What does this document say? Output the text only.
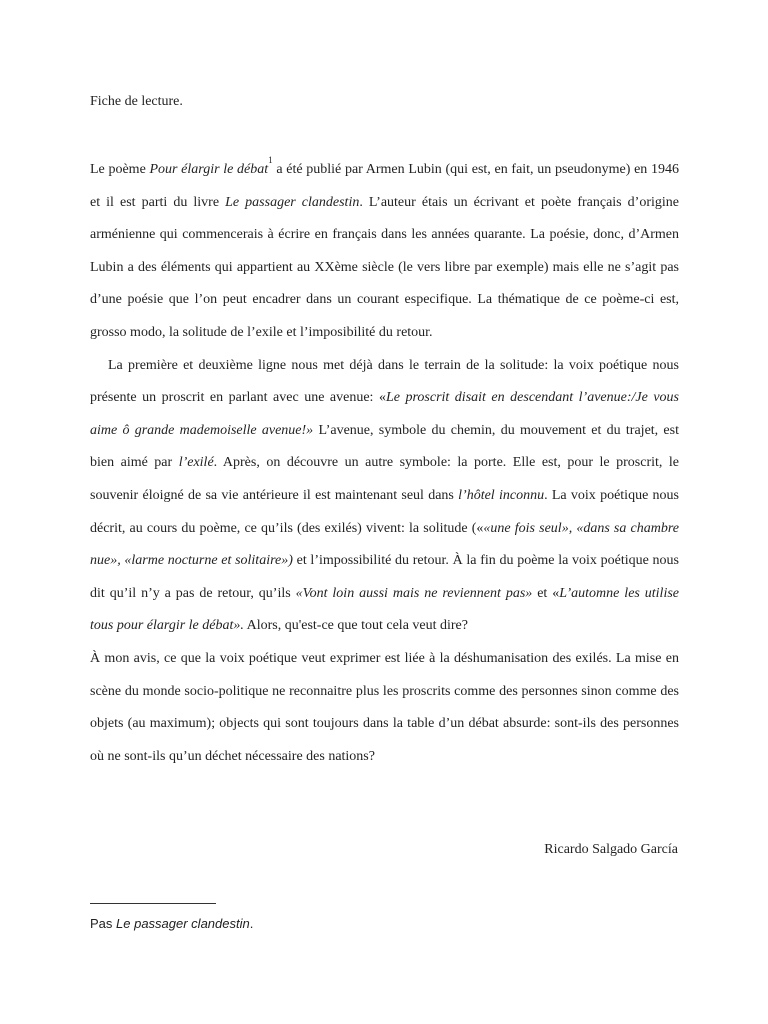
Fiche de lecture.

Le poème Pour élargir le débat$^1$ a été publié par Armen Lubin (qui est, en fait, un pseudonyme) en 1946 et il est parti du livre Le passager clandestin. L’auteur étais un écrivant et poète français d’origine arménienne qui commencerais à écrire en français dans les années quarante. La poésie, donc, d’Armen Lubin a des éléments qui appartient au XXème siècle (le vers libre par exemple) mais elle ne s’agit pas d’une poésie que l’on peut encadrer dans un courant especifique. La thématique de ce poème-ci est, grosso modo, la solitude de l’exile et l’imposibilité du retour.

La première et deuxième ligne nous met déjà dans le terrain de la solitude: la voix poétique nous présente un proscrit en parlant avec une avenue: «Le proscrit disait en descendant l’avenue:/Je vous aime ô grande mademoiselle avenue!» L’avenue, symbole du chemin, du mouvement et du trajet, est bien aimé par l’exilé. Après, on découvre un autre symbole: la porte. Elle est, pour le proscrit, le souvenir éloigné de sa vie antérieure il est maintenant seul dans l’hôtel inconnu. La voix poétique nous décrit, au cours du poème, ce qu’ils (des exilés) vivent: la solitude (««une fois seul», «dans sa chambre nue», «larme nocturne et solitaire») et l’impossibilité du retour. À la fin du poème la voix poétique nous dit qu’il n’y a pas de retour, qu’ils «Vont loin aussi mais ne reviennent pas» et «L’automne les utilise tous pour élargir le débat». Alors, qu'est-ce que tout cela veut dire?

À mon avis, ce que la voix poétique veut exprimer est liée à la déshumanisation des exilés. La mise en scène du monde socio-politique ne reconnaitre plus les proscrits comme des personnes sinon comme des objets (au maximum); objects qui sont toujours dans la table d’un débat absurde: sont-ils des personnes où ne sont-ils qu’un déchet nécessaire des nations?

Ricardo Salgado García

Pas Le passager clandestin.
